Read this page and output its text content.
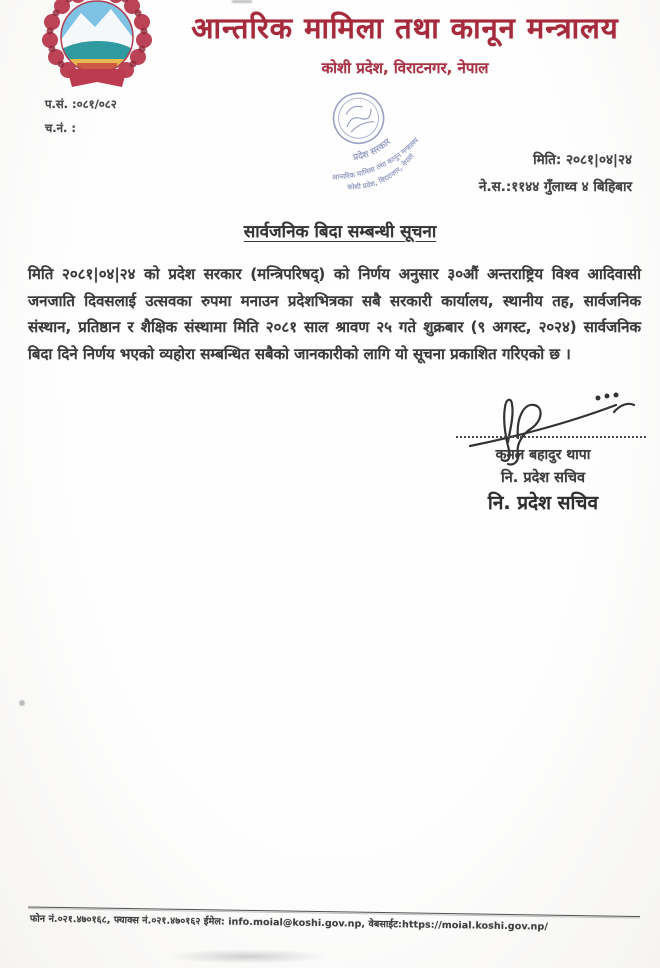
आन्तरिक मामिला तथा कानून मन्त्रालय
कोशी प्रदेश, विराटनगर, नेपाल
प.सं. :०८१/०८२
च.नं. :
प्रदेश सरकार
आन्तरिक मामिला तथा कानून मन्त्रालय
कोशी प्रदेश, विराटनगर, नेपाल	मिति: २०८१|०४|२४
ने.स.:११४४ गुँलाथ्व ४ बिहिबार
सार्वजनिक बिदा सम्बन्धी सूचना
मिति २०८१|०४|२४ को प्रदेश सरकार (मन्त्रिपरिषद्) को निर्णय अनुसार ३०औं अन्तराष्ट्रिय विश्व आदिवासी जनजाति दिवसलाई उत्सवका रुपमा मनाउन प्रदेशभित्रका सबै सरकारी कार्यालय, स्थानीय तह, सार्वजनिक संस्थान, प्रतिष्ठान र शैक्षिक संस्थामा मिति २०८१ साल श्रावण २५ गते शुक्रबार (९ अगस्ट, २०२४) सार्वजनिक बिदा दिने निर्णय भएको व्यहोरा सम्बन्धित सबैको जानकारीको लागि यो सूचना प्रकाशित गरिएको छ ।
कमल बहादुर थापा
नि. प्रदेश सचिव
नि. प्रदेश सचिव
फोन नं.०२१.४७०१६८, फ्याक्स नं.०२१.४७०१६२ ईमेल: info.moial@koshi.gov.np, वेबसाईट:https://moial.koshi.gov.np/
